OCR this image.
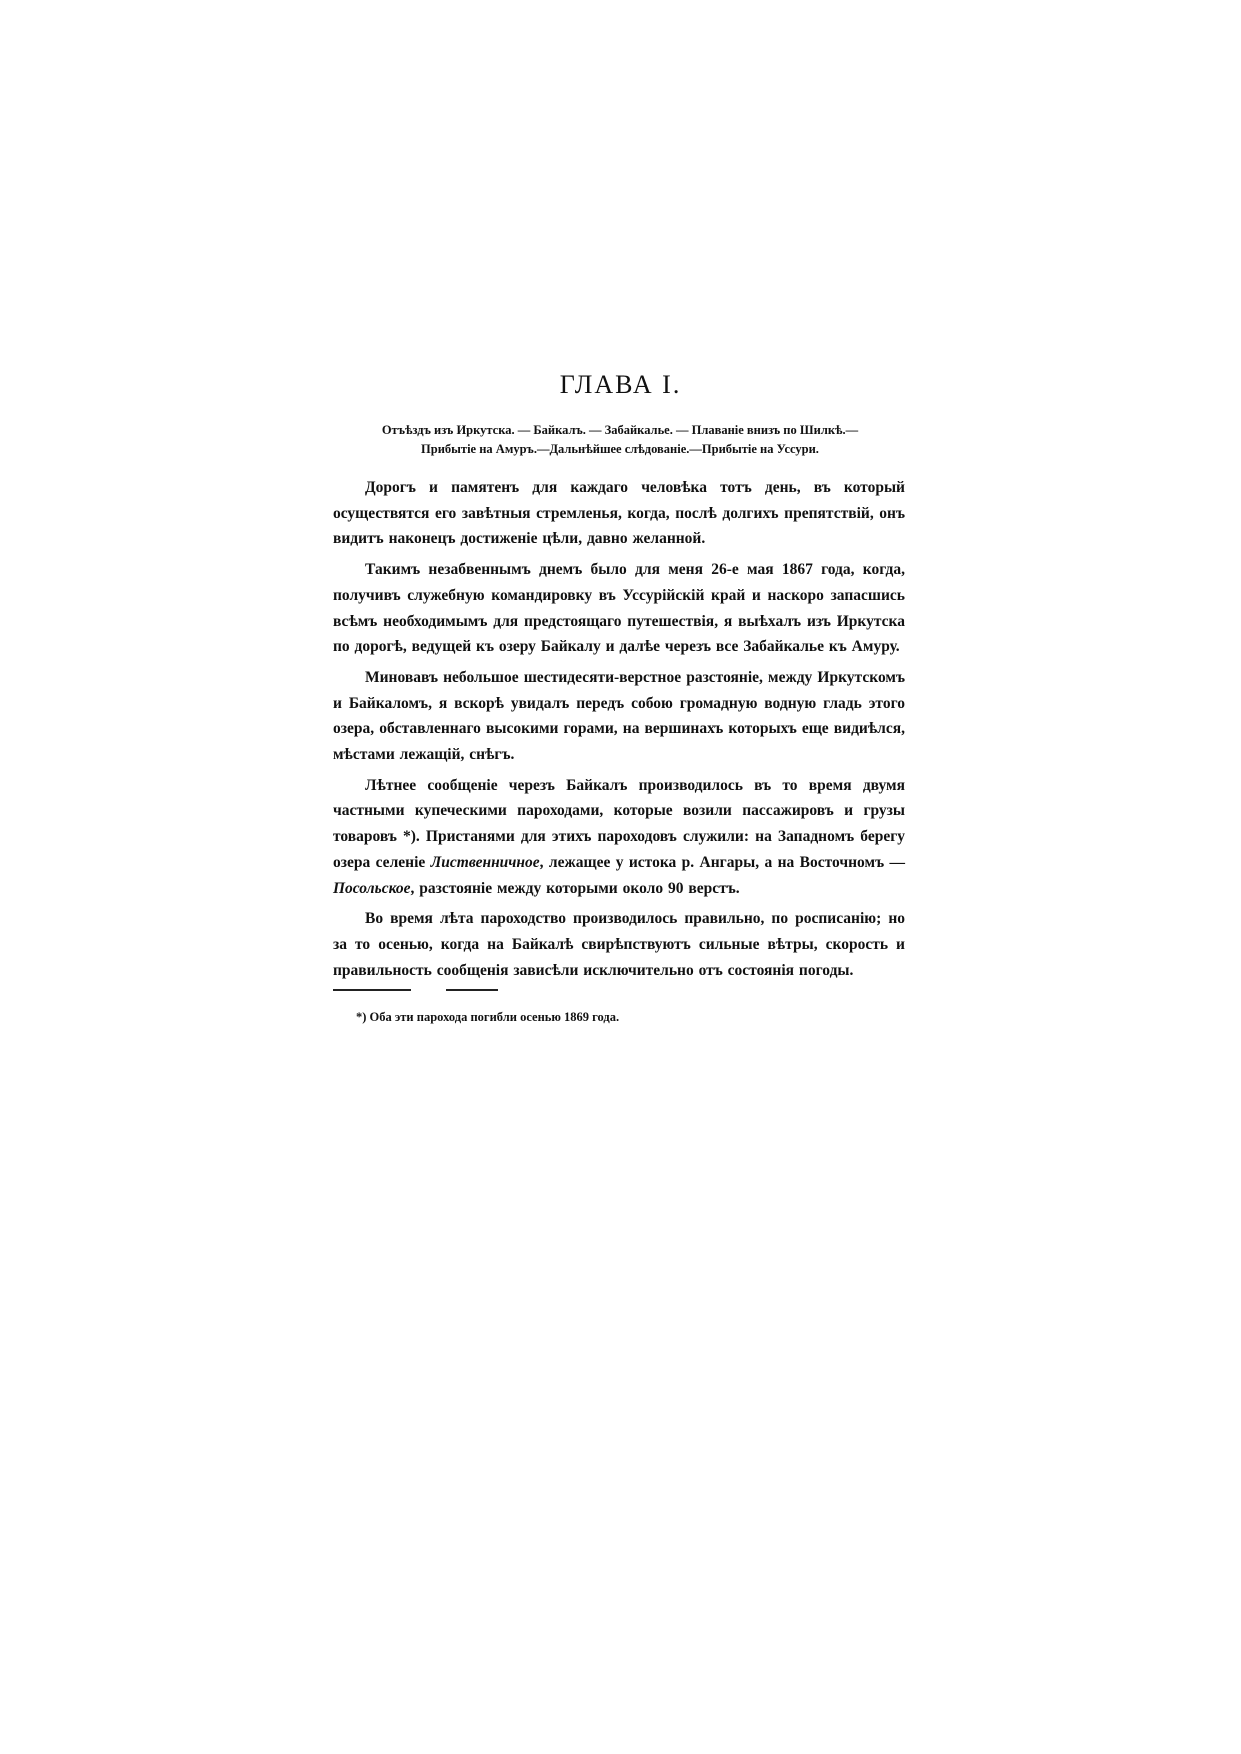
ГЛАВА I.
Отъѣздъ изъ Иркутска. — Байкалъ. — Забайкалье. — Плаваніе внизъ по Шилкѣ.—
Прибытіе на Амуръ.—Дальнѣйшее слѣдованіе.—Прибытіе на Уссури.

Дорогъ и памятенъ для каждаго человѣка тотъ день, въ который осуществятся его завѣтныя стремленья, когда, послѣ долгихъ препятствій, онъ видитъ наконецъ достиженіе цѣли, давно желанной.

Такимъ незабвеннымъ днемъ было для меня 26-е мая 1867 года, когда, получивъ служебную командировку въ Уссурійскій край и наскоро запасшись всѣмъ необходимымъ для предстоящаго путешествія, я выѣхалъ изъ Иркутска по дорогѣ, ведущей къ озеру Байкалу и далѣе черезъ все Забайкалье къ Амуру.

Миновавъ небольшое шестидесяти-верстное разстояніе, между Иркутскомъ и Байкаломъ, я вскорѣ увидалъ передъ собою громадную водную гладь этого озера, обставленнаго высокими горами, на вершинахъ которыхъ еще видиѣлся, мѣстами лежащій, снѣгъ.

Лѣтнее сообщеніе черезъ Байкалъ производилось въ то время двумя частными купеческими пароходами, которые возили пассажировъ и грузы товаровъ *). Пристанями для этихъ пароходовъ служили: на Западномъ берегу озера селеніе Лиственничное, лежащее у истока р. Ангары, а на Восточномъ — Посольское, разстояніе между которыми около 90 верстъ.

Во время лѣта пароходство производилось правильно, по росписанію; но за то осенью, когда на Байкалѣ свирѣпствуютъ сильные вѣтры, скорость и правильность сообщенія зависѣли исключительно отъ состоянія погоды.

*) Оба эти парохода погибли осенью 1869 года.
